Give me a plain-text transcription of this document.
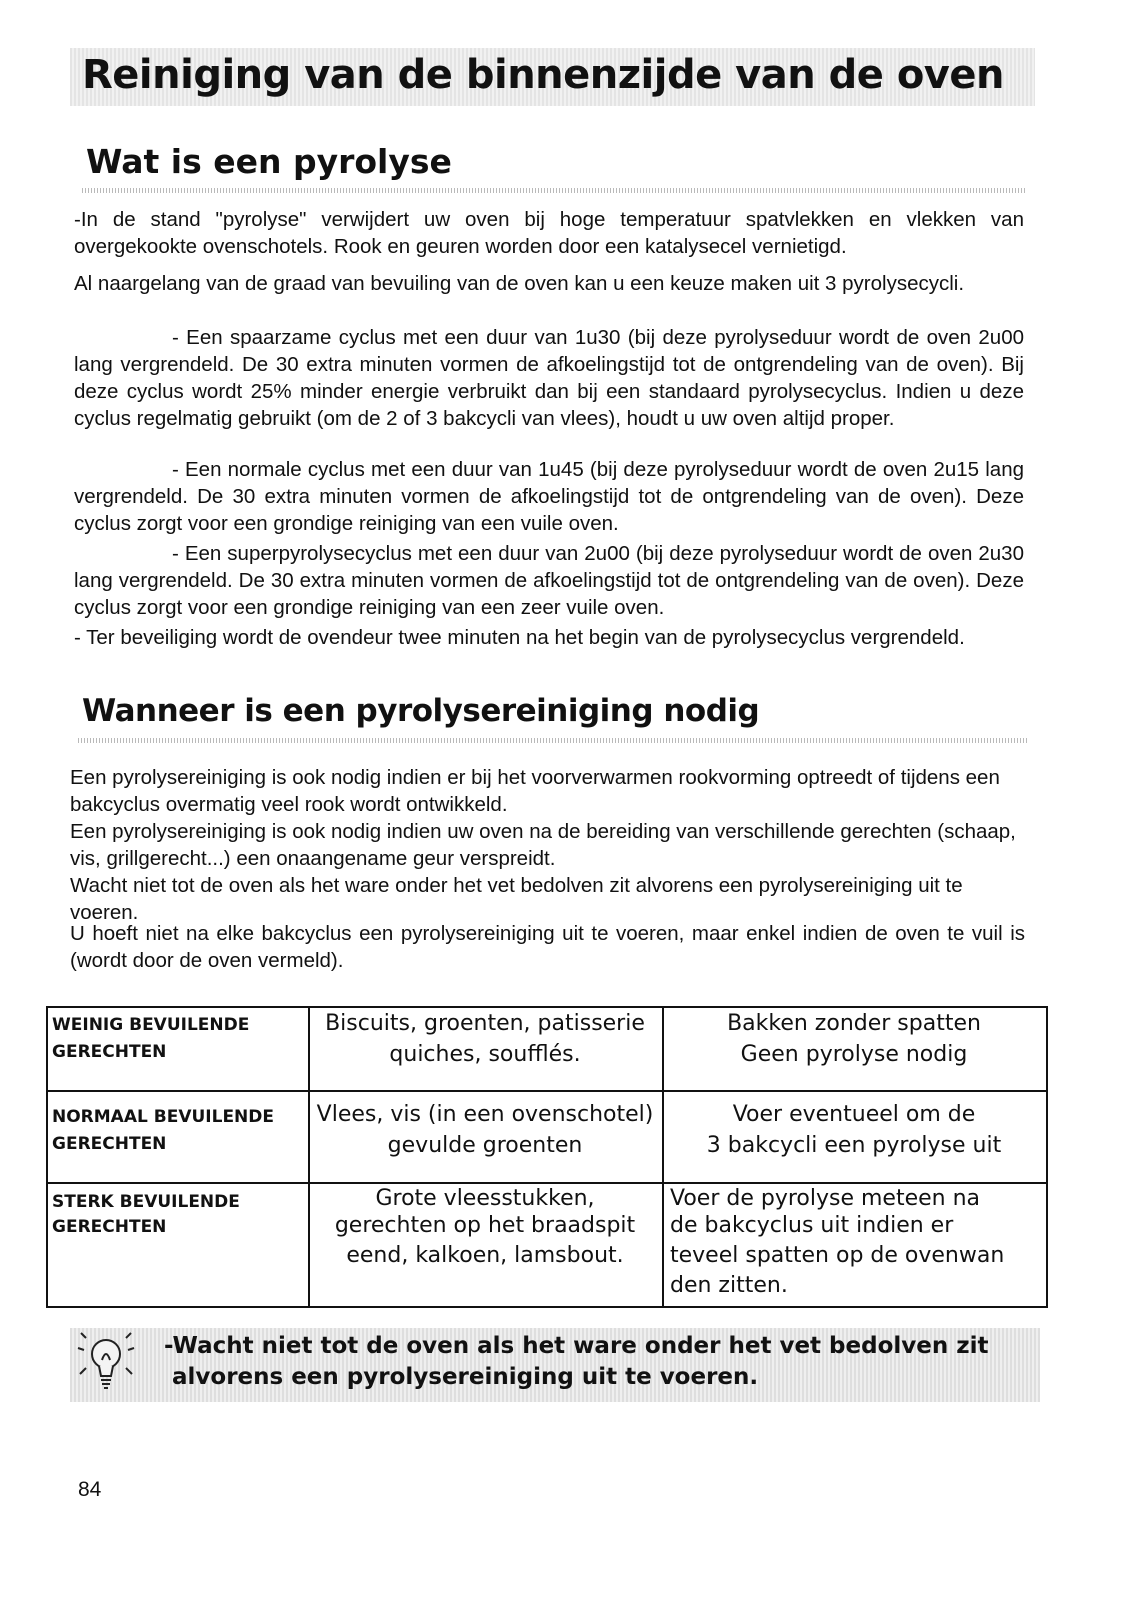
Reiniging van de binnenzijde van de oven
Wat is een pyrolyse
-In de stand "pyrolyse" verwijdert uw oven bij hoge temperatuur spatvlekken en vlekken van overgekookte ovenschotels. Rook en geuren worden door een katalysecel vernietigd.
Al naargelang van de graad van bevuiling van de oven kan u een keuze maken uit 3 pyrolysecycli.
- Een spaarzame cyclus met een duur van 1u30 (bij deze pyrolyseduur wordt de oven 2u00 lang vergrendeld. De 30 extra minuten vormen de afkoelingstijd tot de ontgrendeling van de oven). Bij deze cyclus wordt 25% minder energie verbruikt dan bij een standaard pyrolysecyclus. Indien u deze cyclus regelmatig gebruikt (om de 2 of 3 bakcycli van vlees), houdt u uw oven altijd proper.
- Een normale cyclus met een duur van 1u45 (bij deze pyrolyseduur wordt de oven 2u15 lang vergrendeld. De 30 extra minuten vormen de afkoelingstijd tot de ontgrendeling van de oven). Deze cyclus zorgt voor een grondige reiniging van een vuile oven.
- Een superpyrolysecyclus met een duur van 2u00 (bij deze pyrolyseduur wordt de oven 2u30 lang vergrendeld. De 30 extra minuten vormen de afkoelingstijd tot de ontgrendeling van de oven). Deze cyclus zorgt voor een grondige reiniging van een zeer vuile oven.
- Ter beveiliging wordt de ovendeur twee minuten na het begin van de pyrolysecyclus vergrendeld.
Wanneer is een pyrolysereiniging nodig
Een pyrolysereiniging is ook nodig indien er bij het voorverwarmen rookvorming optreedt of tijdens een bakcyclus overmatig veel rook wordt ontwikkeld.
Een pyrolysereiniging is ook nodig indien uw oven na de bereiding van verschillende gerechten (schaap, vis, grillgerecht...) een onaangename geur verspreidt.
Wacht niet tot de oven als het ware onder het vet bedolven zit alvorens een pyrolysereiniging uit te voeren.
U hoeft niet na elke bakcyclus een pyrolysereiniging uit te voeren, maar enkel indien de oven te vuil is (wordt door de oven vermeld).
WEINIG BEVUILENDE
GERECHTEN
Biscuits, groenten, patisserie
quiches, soufflés.
Bakken zonder spatten
Geen pyrolyse nodig
NORMAAL BEVUILENDE
GERECHTEN
Vlees, vis (in een ovenschotel)
gevulde groenten
Voer eventueel om de
3 bakcycli een pyrolyse uit
STERK BEVUILENDE
GERECHTEN
Grote vleesstukken,
gerechten op het braadspit
eend, kalkoen, lamsbout.
Voer de pyrolyse meteen na
de bakcyclus uit indien er
teveel spatten op de ovenwan
den zitten.
-Wacht niet tot de oven als het ware onder het vet bedolven zit
alvorens een pyrolysereiniging uit te voeren.
84
